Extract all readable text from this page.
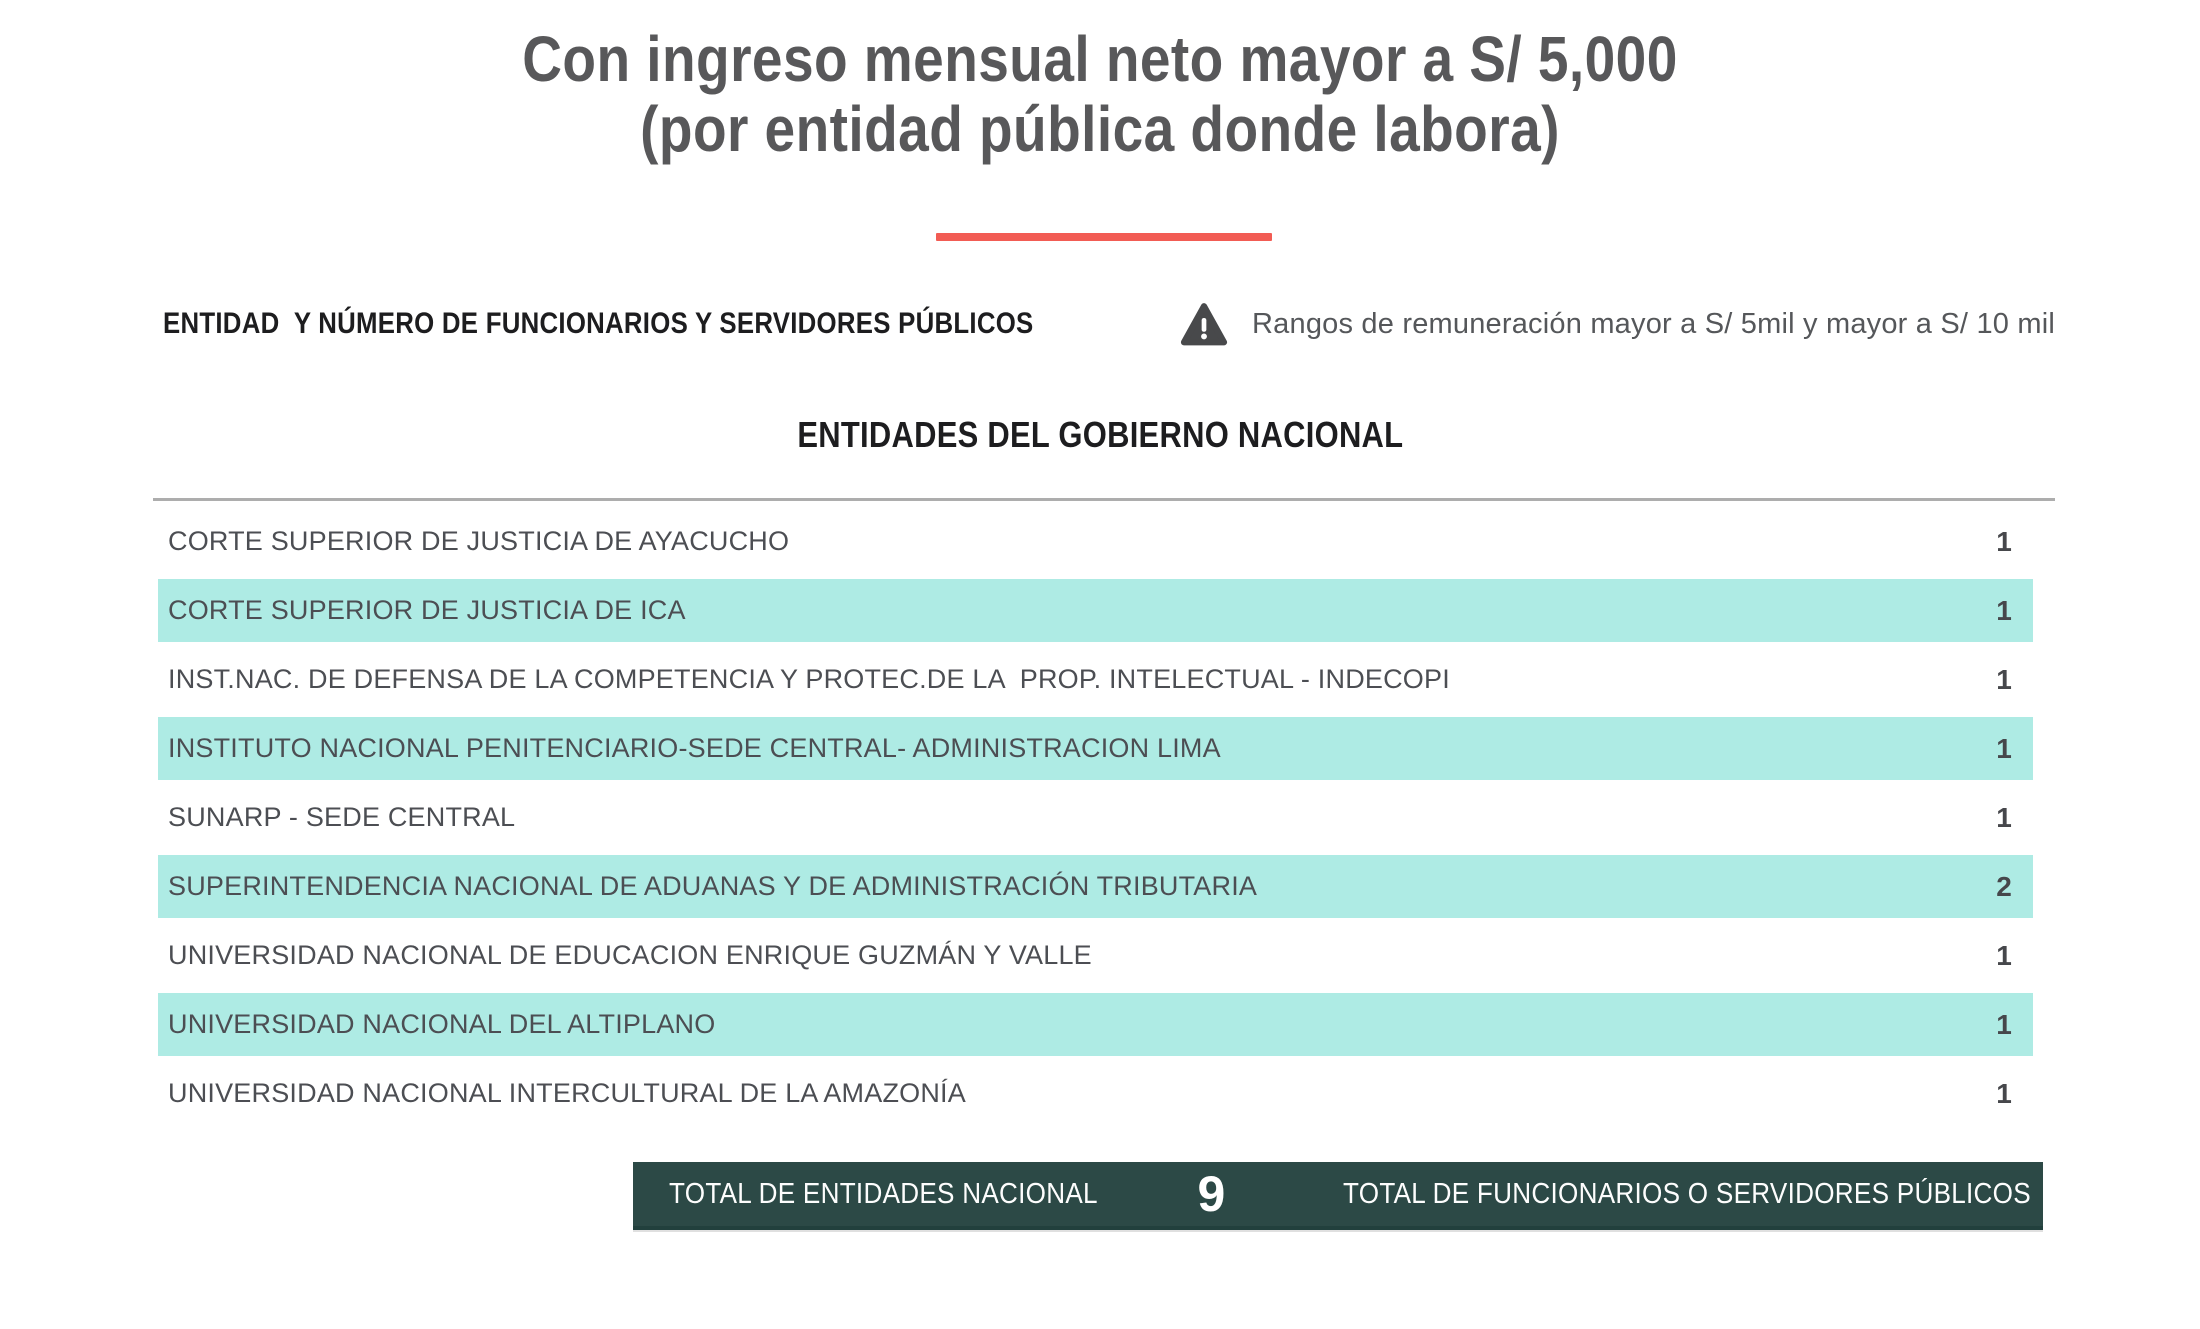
Con ingreso mensual neto mayor a S/ 5,000
(por entidad pública donde labora)
ENTIDAD  Y NÚMERO DE FUNCIONARIOS Y SERVIDORES PÚBLICOS	Rangos de remuneración mayor a S/ 5mil y mayor a S/ 10 mil
ENTIDADES DEL GOBIERNO NACIONAL
CORTE SUPERIOR DE JUSTICIA DE AYACUCHO	1
CORTE SUPERIOR DE JUSTICIA DE ICA	1
INST.NAC. DE DEFENSA DE LA COMPETENCIA Y PROTEC.DE LA  PROP. INTELECTUAL - INDECOPI	1
INSTITUTO NACIONAL PENITENCIARIO-SEDE CENTRAL- ADMINISTRACION LIMA	1
SUNARP - SEDE CENTRAL	1
SUPERINTENDENCIA NACIONAL DE ADUANAS Y DE ADMINISTRACIÓN TRIBUTARIA	2
UNIVERSIDAD NACIONAL DE EDUCACION ENRIQUE GUZMÁN Y VALLE	1
UNIVERSIDAD NACIONAL DEL ALTIPLANO	1
UNIVERSIDAD NACIONAL INTERCULTURAL DE LA AMAZONÍA	1
TOTAL DE ENTIDADES NACIONAL 9	TOTAL DE FUNCIONARIOS O SERVIDORES PÚBLICOS 10
